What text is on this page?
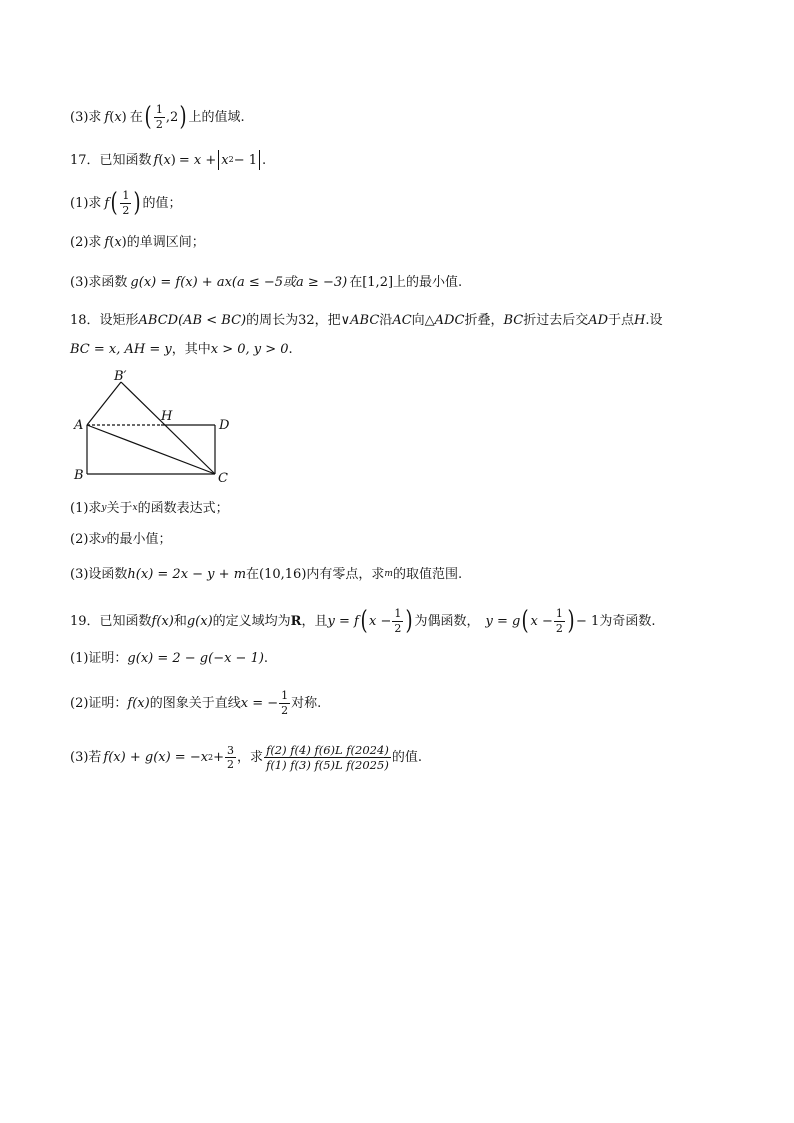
(3)求 f ( x ) 在 ( $\frac{1}{2} ,2$ ) 上的值域.
17．已知函数 f ( x ) = x + x 2 − 1 .
(1)求 f ( $\frac{1}{2}$ ) 的值；
(2)求 f ( x ) 的单调区间；
(3)求函数 g(x) = f(x) + ax(a ≤ −5或a ≥ −3) 在 [1,2] 上的最小值.
18．设矩形 ABCD(AB < BC) 的周长为32，把 ∨ABC 沿 AC 向 △ADC 折叠， BC 折过去后交 AD 于点 H .设
BC = x, AH = y ，其中 x > 0, y > 0 .
B′
A
H
D
B	C
(1)求 y 关于 x 的函数表达式；
(2)求 y 的最小值；
(3)设函数 h(x) = 2x − y + m 在 (10,16) 内有零点，求 m 的取值范围.
19．已知函数 f(x) 和 g(x) 的定义域均为 R ，且 y = f ( $x - \frac{1}{2}$ ) 为偶函数， y = g ( $x - \frac{1}{2}$ ) − 1 为奇函数.
(1)证明： g(x) = 2 − g(−x − 1) .
(2)证明： f(x) 的图象关于直线 x = − $\frac{1}{2}$ 对称.
(3)若 f(x) + g(x) = −x $2 + \frac{3}{2}$ ，求 $\frac{\text{f(2) f(4) f(6)L f(2024)}}{\text{f(1) f(3) f(5)L f(2025)}}$ 的值.
